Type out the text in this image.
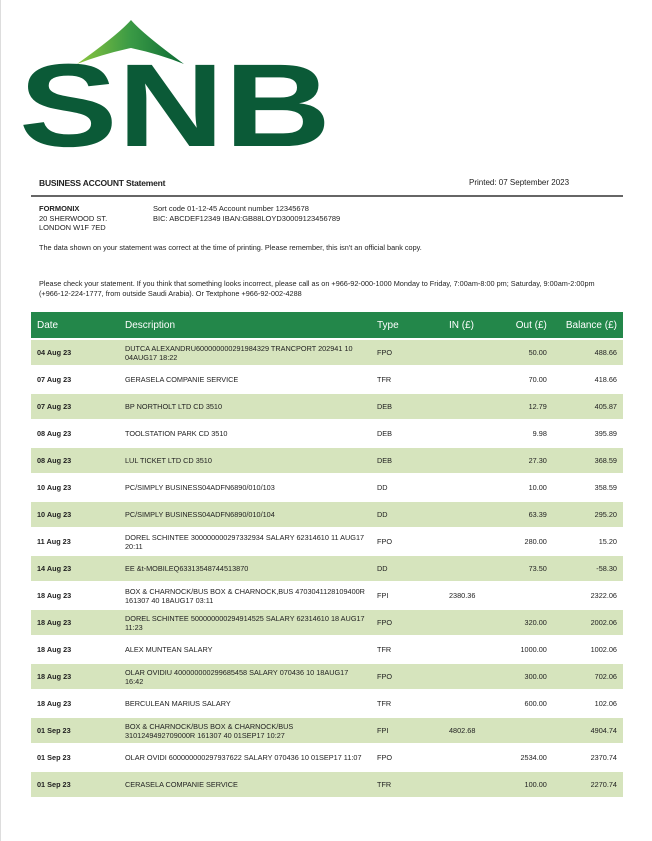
SNB
BUSINESS ACCOUNT Statement	Printed: 07 September 2023
FORMONIX
20 SHERWOOD ST.
LONDON W1F 7ED
Sort code 01-12-45 Account number 12345678
BIC: ABCDEF12349 IBAN:GB88LOYD30009123456789
The data shown on your statement was correct at the time of printing. Please remember, this isn't an official bank copy.
Please check your statement. If you think that something looks incorrect, please call as on +966-92-000-1000 Monday to Friday, 7:00am-8:00 pm; Saturday, 9:00am-2:00pm (+966-12-224-1777, from outside Saudi Arabia). Or Textphone +966-92-002-4288
Date	Description	Type	IN (£)	Out (£)	Balance (£)
04 Aug 23	DUTCA ALEXANDRU600000000291984329 TRANCPORT 202941 10 04AUG17 18:22	FPO		50.00	488.66
07 Aug 23	GERASELA COMPANIE SERVICE	TFR		70.00	418.66
07 Aug 23	BP NORTHOLT LTD CD 3510	DEB		12.79	405.87
08 Aug 23	TOOLSTATION PARK CD 3510	DEB		9.98	395.89
08 Aug 23	LUL TICKET LTD CD 3510	DEB		27.30	368.59
10 Aug 23	PC/SIMPLY BUSINESS04ADFN6890/010/103	DD		10.00	358.59
10 Aug 23	PC/SIMPLY BUSINESS04ADFN6890/010/104	DD		63.39	295.20
11 Aug 23	DOREL SCHINTEE 300000000297332934 SALARY 62314610 11 AUG17 20:11	FPO		280.00	15.20
14 Aug 23	EE &t-MOBILEQ63313548744513870	DD		73.50	-58.30
18 Aug 23	BOX & CHARNOCK/BUS BOX & CHARNOCK,BUS 4703041128109400R 161307 40 18AUG17 03:11	FPI	2380.36		2322.06
18 Aug 23	DOREL SCHINTEE 500000000294914525 SALARY 62314610 18 AUG17 11:23	FPO		320.00	2002.06
18 Aug 23	ALEX MUNTEAN SALARY	TFR		1000.00	1002.06
18 Aug 23	OLAR OVIDIU 400000000299685458 SALARY 070436 10 18AUG17 16:42	FPO		300.00	702.06
18 Aug 23	BERCULEAN MARIUS SALARY	TFR		600.00	102.06
01 Sep 23	BOX & CHARNOCK/BUS BOX & CHARNOCK/BUS 3101249492709000R 161307 40 01SEP17 10:27	FPI	4802.68		4904.74
01 Sep 23	OLAR OVIDI 600000000297937622 SALARY 070436 10 01SEP17 11:07	FPO		2534.00	2370.74
01 Sep 23	CERASELA COMPANIE SERVICE	TFR		100.00	2270.74
